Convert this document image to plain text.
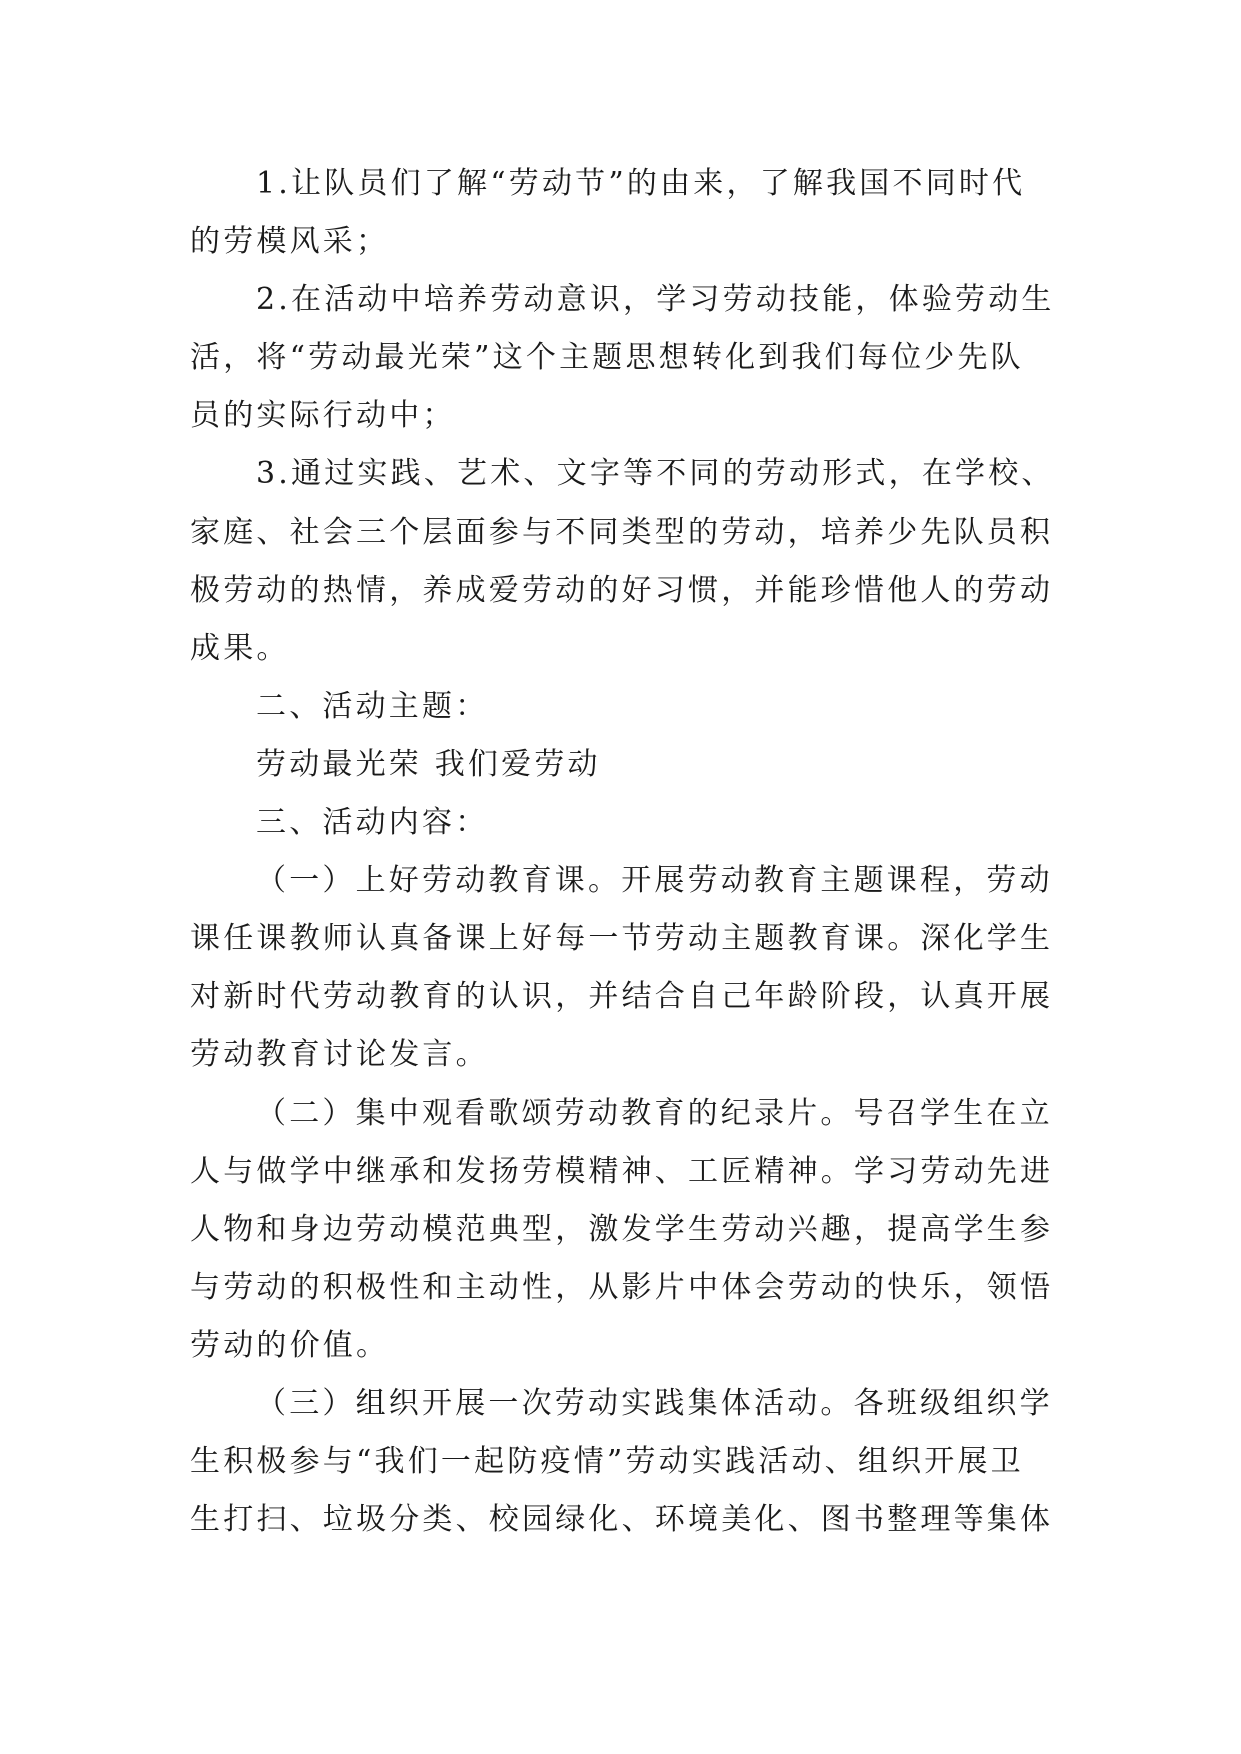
1.让队员们了解“劳动节”的由来，了解我国不同时代
的劳模风采；
2.在活动中培养劳动意识，学习劳动技能，体验劳动生
活，将“劳动最光荣”这个主题思想转化到我们每位少先队
员的实际行动中；
3.通过实践、艺术、文字等不同的劳动形式，在学校、
家庭、社会三个层面参与不同类型的劳动，培养少先队员积
极劳动的热情，养成爱劳动的好习惯，并能珍惜他人的劳动
成果。
二、活动主题：
劳动最光荣 我们爱劳动
三、活动内容：
（一）上好劳动教育课。开展劳动教育主题课程，劳动
课任课教师认真备课上好每一节劳动主题教育课。深化学生
对新时代劳动教育的认识，并结合自己年龄阶段，认真开展
劳动教育讨论发言。
（二）集中观看歌颂劳动教育的纪录片。号召学生在立
人与做学中继承和发扬劳模精神、工匠精神。学习劳动先进
人物和身边劳动模范典型，激发学生劳动兴趣，提高学生参
与劳动的积极性和主动性，从影片中体会劳动的快乐，领悟
劳动的价值。
（三）组织开展一次劳动实践集体活动。各班级组织学
生积极参与“我们一起防疫情”劳动实践活动、组织开展卫
生打扫、垃圾分类、校园绿化、环境美化、图书整理等集体
